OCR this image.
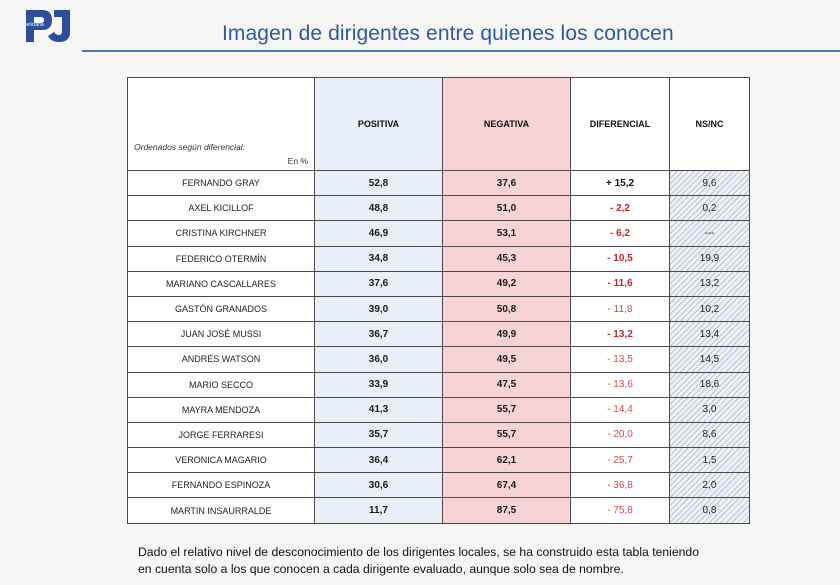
peliciana	Imagen de dirigentes entre quienes los conocen
Ordenados según diferencial:
En %	POSITIVA	NEGATIVA	DIFERENCIAL	NS/NC
FERNANDO GRAY	52,8	37,6	+ 15,2	9,6
AXEL KICILLOF	48,8	51,0	- 2,2	0,2
CRISTINA KIRCHNER	46,9	53,1	- 6,2	---
FEDERICO OTERMÍN	34,8	45,3	- 10,5	19,9
MARIANO CASCALLARES	37,6	49,2	- 11,6	13,2
GASTÓN GRANADOS	39,0	50,8	- 11,8	10,2
JUAN JOSÉ MUSSI	36,7	49,9	- 13,2	13,4
ANDRÉS WATSON	36,0	49,5	- 13,5	14,5
MARIO SECCO	33,9	47,5	- 13,6	18,6
MAYRA MENDOZA	41,3	55,7	- 14,4	3,0
JORGE FERRARESI	35,7	55,7	- 20,0	8,6
VERONICA MAGARIO	36,4	62,1	- 25,7	1,5
FERNANDO ESPINOZA	30,6	67,4	- 36,8	2,0
MARTIN INSAURRALDE	11,7	87,5	- 75,8	0,8
Dado el relativo nivel de desconocimiento de los dirigentes locales, se ha construido esta tabla teniendo
en cuenta solo a los que conocen a cada dirigente evaluado, aunque solo sea de nombre.
